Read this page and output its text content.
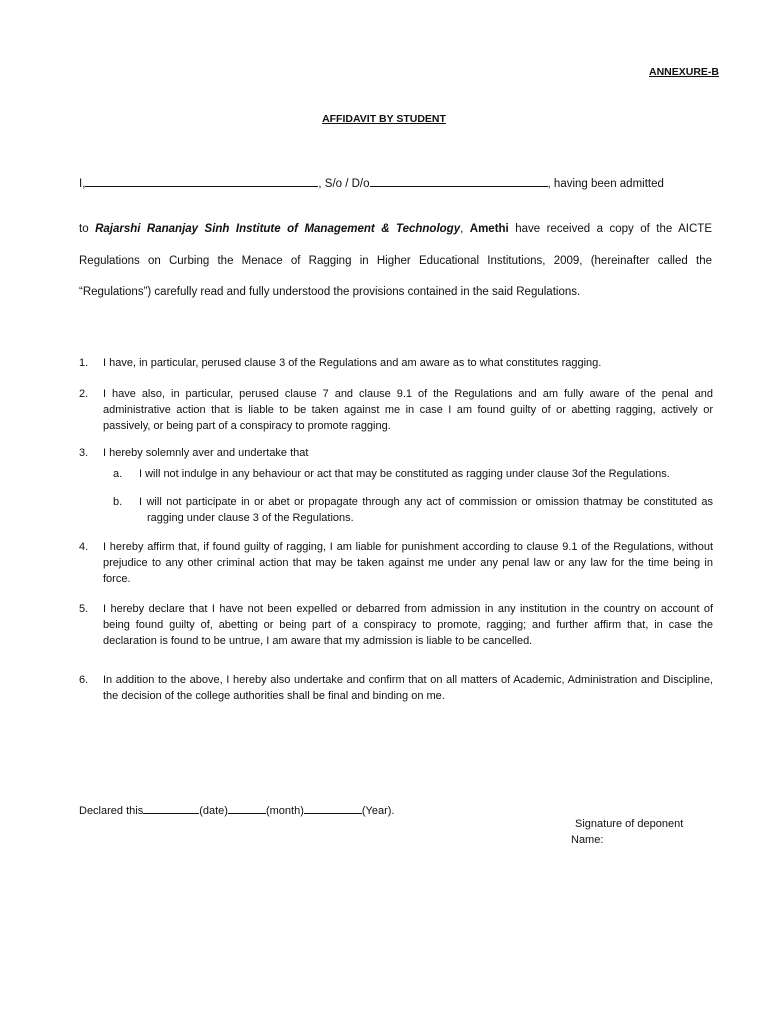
ANNEXURE-B
AFFIDAVIT BY STUDENT
I,	, S/o / D/o	, having been admitted
to Rajarshi Rananjay Sinh Institute of Management & Technology, Amethi have received a copy of the AICTE Regulations on Curbing the Menace of Ragging in Higher Educational Institutions, 2009, (hereinafter called the “Regulations”) carefully read and fully understood the provisions contained in the said Regulations.
1. I have, in particular, perused clause 3 of the Regulations and am aware as to what constitutes ragging.
2. I have also, in particular, perused clause 7 and clause 9.1 of the Regulations and am fully aware of the penal and administrative action that is liable to be taken against me in case I am found guilty of or abetting ragging, actively or passively, or being part of a conspiracy to promote ragging.
3. I hereby solemnly aver and undertake that
a. I will not indulge in any behaviour or act that may be constituted as ragging under clause 3of the Regulations.
b. I will not participate in or abet or propagate through any act of commission or omission thatmay be constituted as ragging under clause 3 of the Regulations.
4. I hereby affirm that, if found guilty of ragging, I am liable for punishment according to clause 9.1 of the Regulations, without prejudice to any other criminal action that may be taken against me under any penal law or any law for the time being in force.
5. I hereby declare that I have not been expelled or debarred from admission in any institution in the country on account of being found guilty of, abetting or being part of a conspiracy to promote, ragging; and further affirm that, in case the declaration is found to be untrue, I am aware that my admission is liable to be cancelled.
6. In addition to the above, I hereby also undertake and confirm that on all matters of Academic, Administration and Discipline, the decision of the college authorities shall be final and binding on me.
Declared this	(date)	(month)	(Year).
Signature of deponent
Name:
